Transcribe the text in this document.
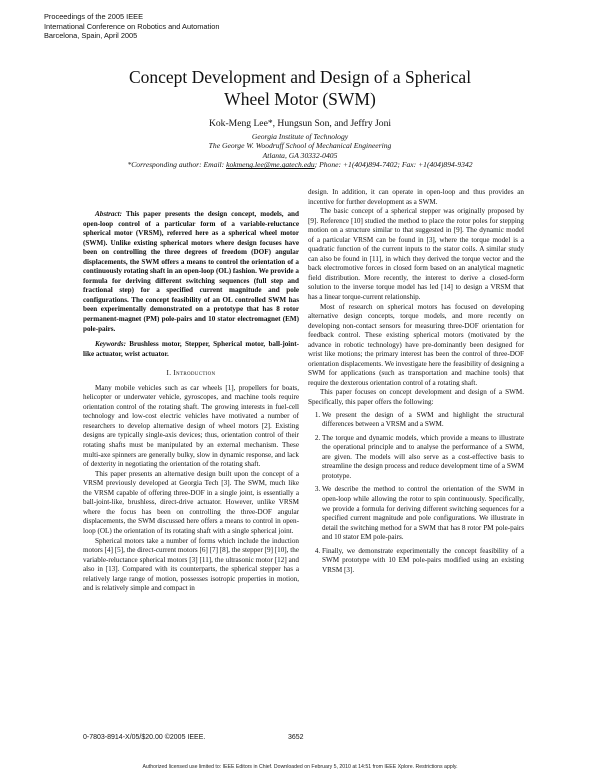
Proceedings of the 2005 IEEE
International Conference on Robotics and Automation
Barcelona, Spain, April 2005
Concept Development and Design of a Spherical
Wheel Motor (SWM)
Kok-Meng Lee*, Hungsun Son, and Jeffry Joni
Georgia Institute of Technology
The George W. Woodruff School of Mechanical Engineering
Atlanta, GA 30332-0405
*Corresponding author: Email: kokmeng.lee@me.gatech.edu; Phone: +1(404)894-7402; Fax: +1(404)894-9342

Abstract: This paper presents the design concept, models, and open-loop control of a particular form of a variable-reluctance spherical motor (VRSM), referred here as a spherical wheel motor (SWM). Unlike existing spherical motors where design focuses have been on controlling the three degrees of freedom (DOF) angular displacements, the SWM offers a means to control the orientation of a continuously rotating shaft in an open-loop (OL) fashion. We provide a formula for deriving different switching sequences (full step and fractional step) for a specified current magnitude and pole configurations. The concept feasibility of an OL controlled SWM has been experimentally demonstrated on a prototype that has 8 rotor permanent-magnet (PM) pole-pairs and 10 stator electromagnet (EM) pole-pairs.

Keywords: Brushless motor, Stepper, Spherical motor, ball-joint-like actuator, wrist actuator.

I. Introduction

Many mobile vehicles such as car wheels [1], propellers for boats, helicopter or underwater vehicle, gyroscopes, and machine tools require orientation control of the rotating shaft. The growing interests in fuel-cell technology and low-cost electric vehicles have motivated a number of researchers to develop alternative design of wheel motors [2]. Existing designs are typically single-axis devices; thus, orientation control of their rotating shafts must be manipulated by an external mechanism. These multi-axe spinners are generally bulky, slow in dynamic response, and lack of dexterity in negotiating the orientation of the rotating shaft.

This paper presents an alternative design built upon the concept of a VRSM previously developed at Georgia Tech [3]. The SWM, much like the VRSM capable of offering three-DOF in a single joint, is essentially a ball-joint-like, brushless, direct-drive actuator. However, unlike VRSM where the focus has been on controlling the three-DOF angular displacements, the SWM discussed here offers a means to control in open-loop (OL) the orientation of its rotating shaft with a single spherical joint.

Spherical motors take a number of forms which include the induction motors [4] [5], the direct-current motors [6] [7] [8], the stepper [9] [10], the variable-reluctance spherical motors [3] [11], the ultrasonic motor [12] and also in [13]. Compared with its counterparts, the spherical stepper has a relatively large range of motion, possesses isotropic properties in motion, and is relatively simple and compact in

design. In addition, it can operate in open-loop and thus provides an incentive for further development as a SWM.

The basic concept of a spherical stepper was originally proposed by [9]. Reference [10] studied the method to place the rotor poles for stepping motion on a structure similar to that suggested in [9]. The dynamic model of a particular VRSM can be found in [3], where the torque model is a quadratic function of the current inputs to the stator coils. A similar study can also be found in [11], in which they derived the torque vector and the back electromotive forces in closed form based on an analytical magnetic field distribution. More recently, the interest to derive a closed-form solution to the inverse torque model has led [14] to design a VRSM that has a linear torque-current relationship.

Most of research on spherical motors has focused on developing alternative design concepts, torque models, and more recently on developing non-contact sensors for measuring three-DOF orientation for feedback control. These existing spherical motors (motivated by the advance in robotic technology) have pre-dominantly been designed for wrist like motions; the primary interest has been the control of three-DOF orientation displacements. We investigate here the feasibility of designing a SWM for applications (such as transportation and machine tools) that require the dexterous orientation control of a rotating shaft.

This paper focuses on concept development and design of a SWM. Specifically, this paper offers the following:

1. We present the design of a SWM and highlight the structural differences between a VRSM and a SWM.
2. The torque and dynamic models, which provide a means to illustrate the operational principle and to analyse the performance of a SWM, are given. The models will also serve as a cost-effective basis to streamline the design process and reduce development time of a SWM prototype.
3. We describe the method to control the orientation of the SWM in open-loop while allowing the rotor to spin continuously. Specifically, we provide a formula for deriving different switching sequences for a specified current magnitude and pole configurations. We illustrate in detail the switching method for a SWM that has 8 rotor PM pole-pairs and 10 stator EM pole-pairs.
4. Finally, we demonstrate experimentally the concept feasibility of a SWM prototype with 10 EM pole-pairs modified using an existing VRSM [3].
0-7803-8914-X/05/$20.00 ©2005 IEEE.	3652
Authorized licensed use limited to: IEEE Editors in Chief. Downloaded on February 5, 2010 at 14:51 from IEEE Xplore. Restrictions apply.
